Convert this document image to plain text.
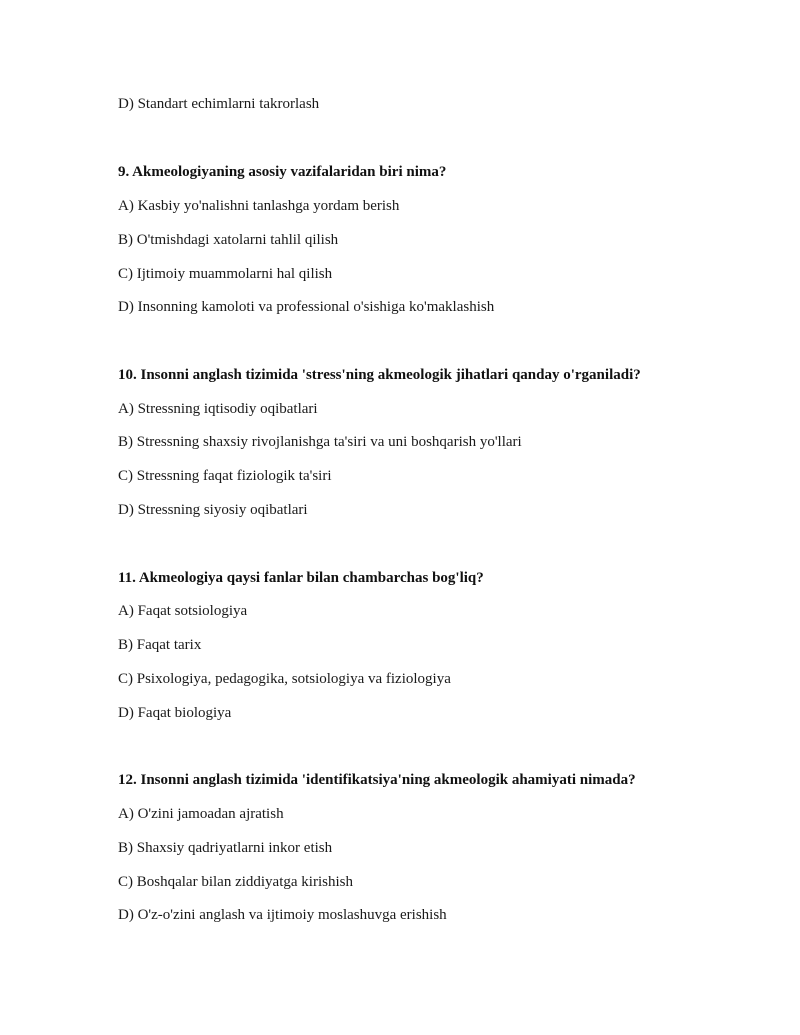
D) Standart echimlarni takrorlash
9. Akmeologiyaning asosiy vazifalaridan biri nima?
A) Kasbiy yo'nalishni tanlashga yordam berish
B) O'tmishdagi xatolarni tahlil qilish
C) Ijtimoiy muammolarni hal qilish
D) Insonning kamoloti va professional o'sishiga ko'maklashish
10. Insonni anglash tizimida 'stress'ning akmeologik jihatlari qanday o'rganiladi?
A) Stressning iqtisodiy oqibatlari
B) Stressning shaxsiy rivojlanishga ta'siri va uni boshqarish yo'llari
C) Stressning faqat fiziologik ta'siri
D) Stressning siyosiy oqibatlari
11. Akmeologiya qaysi fanlar bilan chambarchas bog'liq?
A) Faqat sotsiologiya
B) Faqat tarix
C) Psixologiya, pedagogika, sotsiologiya va fiziologiya
D) Faqat biologiya
12. Insonni anglash tizimida 'identifikatsiya'ning akmeologik ahamiyati nimada?
A) O'zini jamoadan ajratish
B) Shaxsiy qadriyatlarni inkor etish
C) Boshqalar bilan ziddiyatga kirishish
D) O'z-o'zini anglash va ijtimoiy moslashuvga erishish
